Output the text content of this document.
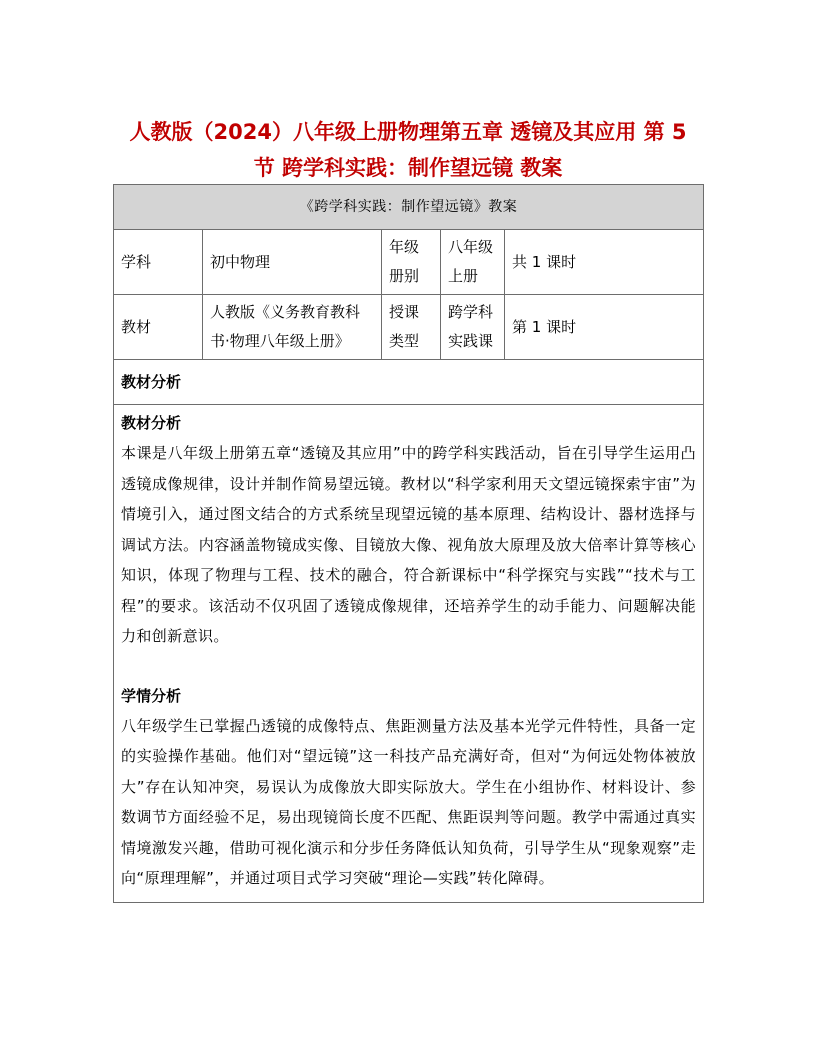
人教版（2024）八年级上册物理第五章 透镜及其应用 第 5
节 跨学科实践：制作望远镜 教案
《跨学科实践：制作望远镜》教案				
学科	初中物理	年级册别	八年级上册	共 1 课时
教材	人教版《义务教育教科书·物理八年级上册》	授课类型	跨学科实践课	第 1 课时
教材分析				

教材分析

本课是八年级上册第五章“透镜及其应用”中的跨学科实践活动，旨在引导学生运用凸透镜成像规律，设计并制作简易望远镜。教材以“科学家利用天文望远镜探索宇宙”为情境引入，通过图文结合的方式系统呈现望远镜的基本原理、结构设计、器材选择与调试方法。内容涵盖物镜成实像、目镜放大像、视角放大原理及放大倍率计算等核心知识，体现了物理与工程、技术的融合，符合新课标中“科学探究与实践”“技术与工程”的要求。该活动不仅巩固了透镜成像规律，还培养学生的动手能力、问题解决能力和创新意识。

学情分析

八年级学生已掌握凸透镜的成像特点、焦距测量方法及基本光学元件特性，具备一定的实验操作基础。他们对“望远镜”这一科技产品充满好奇，但对“为何远处物体被放大”存在认知冲突，易误认为成像放大即实际放大。学生在小组协作、材料设计、参数调节方面经验不足，易出现镜筒长度不匹配、焦距误判等问题。教学中需通过真实情境激发兴趣，借助可视化演示和分步任务降低认知负荷，引导学生从“现象观察”走向“原理理解”，并通过项目式学习突破“理论—实践”转化障碍。				
